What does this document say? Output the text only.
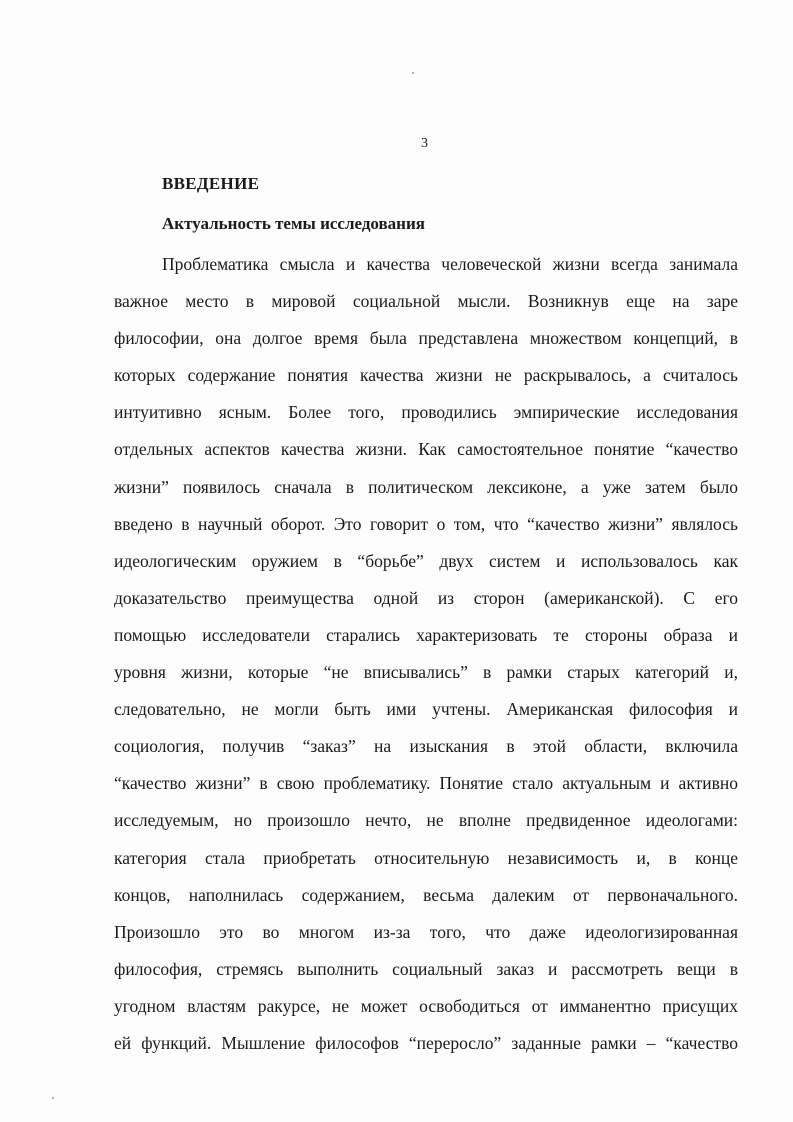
3
ВВЕДЕНИЕ
Актуальность темы исследования
Проблематика смысла и качества человеческой жизни всегда занимала
важное место в мировой социальной мысли. Возникнув еще на заре
философии, она долгое время была представлена множеством концепций, в
которых содержание понятия качества жизни не раскрывалось, а считалось
интуитивно ясным. Более того, проводились эмпирические исследования
отдельных аспектов качества жизни. Как самостоятельное понятие “качество
жизни” появилось сначала в политическом лексиконе, а уже затем было
введено в научный оборот. Это говорит о том, что “качество жизни” являлось
идеологическим оружием в “борьбе” двух систем и использовалось как
доказательство преимущества одной из сторон (американской). С его
помощью исследователи старались характеризовать те стороны образа и
уровня жизни, которые “не вписывались” в рамки старых категорий и,
следовательно, не могли быть ими учтены. Американская философия и
социология, получив “заказ” на изыскания в этой области, включила
“качество жизни” в свою проблематику. Понятие стало актуальным и активно
исследуемым, но произошло нечто, не вполне предвиденное идеологами:
категория стала приобретать относительную независимость и, в конце
концов, наполнилась содержанием, весьма далеким от первоначального.
Произошло это во многом из-за того, что даже идеологизированная
философия, стремясь выполнить социальный заказ и рассмотреть вещи в
угодном властям ракурсе, не может освободиться от имманентно присущих
ей функций. Мышление философов “переросло” заданные рамки – “качество
